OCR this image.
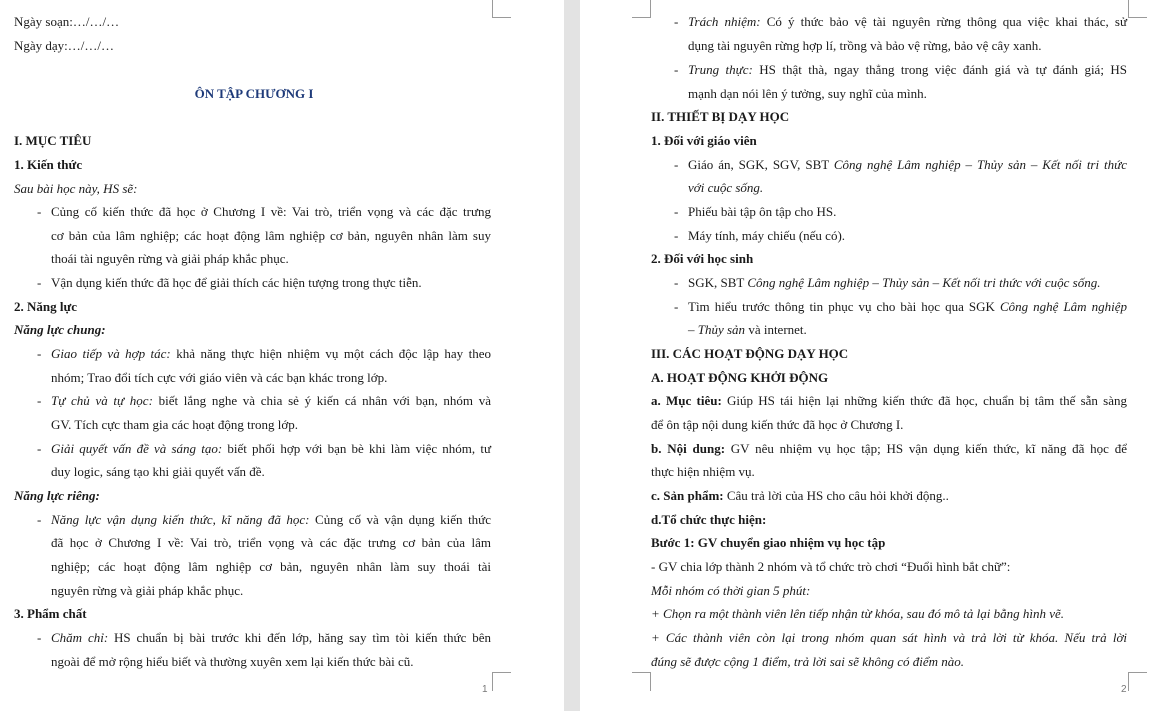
1
Ngày soạn:…/…/…
Ngày dạy:…/…/…
ÔN TẬP CHƯƠNG I
I. MỤC TIÊU
1. Kiến thức
Sau bài học này, HS sẽ:
- Củng cố kiến thức đã học ở Chương I về: Vai trò, triển vọng và các đặc trưng
cơ bản của lâm nghiệp; các hoạt động lâm nghiệp cơ bản, nguyên nhân làm suy
thoái tài nguyên rừng và giải pháp khắc phục.
- Vận dụng kiến thức đã học để giải thích các hiện tượng trong thực tiễn.
2. Năng lực
Năng lực chung:
- Giao tiếp và hợp tác: khả năng thực hiện nhiệm vụ một cách độc lập hay theo
nhóm; Trao đổi tích cực với giáo viên và các bạn khác trong lớp.
- Tự chủ và tự học: biết lắng nghe và chia sẻ ý kiến cá nhân với bạn, nhóm và
GV. Tích cực tham gia các hoạt động trong lớp.
- Giải quyết vấn đề và sáng tạo: biết phối hợp với bạn bè khi làm việc nhóm, tư
duy logic, sáng tạo khi giải quyết vấn đề.
Năng lực riêng:
- Năng lực vận dụng kiến thức, kĩ năng đã học: Củng cố và vận dụng kiến thức
đã học ở Chương I về: Vai trò, triển vọng và các đặc trưng cơ bản của lâm
nghiệp; các hoạt động lâm nghiệp cơ bản, nguyên nhân làm suy thoái tài
nguyên rừng và giải pháp khắc phục.
3. Phẩm chất
- Chăm chỉ: HS chuẩn bị bài trước khi đến lớp, hăng say tìm tòi kiến thức bên
ngoài để mở rộng hiểu biết và thường xuyên xem lại kiến thức bài cũ.
2
- Trách nhiệm: Có ý thức bảo vệ tài nguyên rừng thông qua việc khai thác, sử
dụng tài nguyên rừng hợp lí, trồng và bảo vệ rừng, bảo vệ cây xanh.
- Trung thực: HS thật thà, ngay thẳng trong việc đánh giá và tự đánh giá; HS
mạnh dạn nói lên ý tưởng, suy nghĩ của mình.
II. THIẾT BỊ DẠY HỌC
1. Đối với giáo viên
- Giáo án, SGK, SGV, SBT Công nghệ Lâm nghiệp – Thủy sản – Kết nối tri thức
với cuộc sống.
- Phiếu bài tập ôn tập cho HS.
- Máy tính, máy chiếu (nếu có).
2. Đối với học sinh
- SGK, SBT Công nghệ Lâm nghiệp – Thủy sản – Kết nối tri thức với cuộc sống.
- Tìm hiểu trước thông tin phục vụ cho bài học qua SGK Công nghệ Lâm nghiệp
– Thủy sản và internet.
III. CÁC HOẠT ĐỘNG DẠY HỌC
A. HOẠT ĐỘNG KHỞI ĐỘNG
a. Mục tiêu: Giúp HS tái hiện lại những kiến thức đã học, chuẩn bị tâm thế sẵn sàng
để ôn tập nội dung kiến thức đã học ở Chương I.
b. Nội dung: GV nêu nhiệm vụ học tập; HS vận dụng kiến thức, kĩ năng đã học để
thực hiện nhiệm vụ.
c. Sản phẩm: Câu trả lời của HS cho câu hỏi khởi động..
d.Tổ chức thực hiện:
Bước 1: GV chuyển giao nhiệm vụ học tập
- GV chia lớp thành 2 nhóm và tổ chức trò chơi “Đuổi hình bắt chữ”:
Mỗi nhóm có thời gian 5 phút:
+ Chọn ra một thành viên lên tiếp nhận từ khóa, sau đó mô tả lại bằng hình vẽ.
+ Các thành viên còn lại trong nhóm quan sát hình và trả lời từ khóa. Nếu trả lời
đúng sẽ được cộng 1 điểm, trả lời sai sẽ không có điểm nào.
